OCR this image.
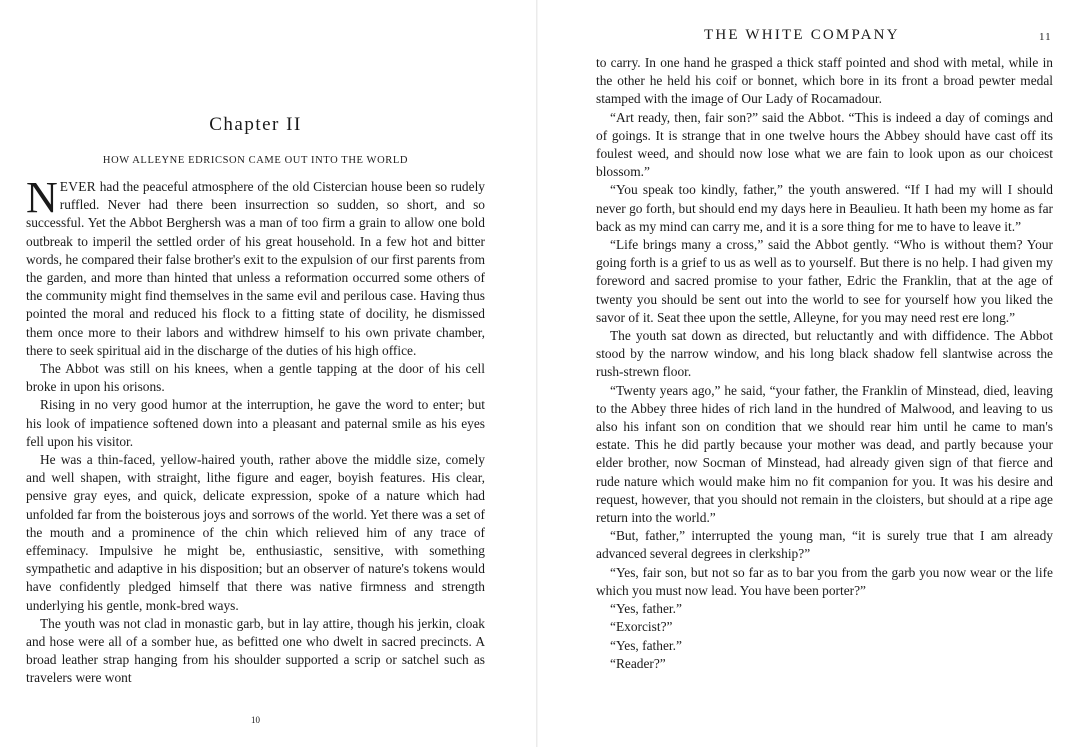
Chapter II
HOW ALLEYNE EDRICSON CAME OUT INTO THE WORLD

NEVER had the peaceful atmosphere of the old Cistercian house been so rudely ruffled. Never had there been insurrection so sudden, so short, and so successful. Yet the Abbot Berghersh was a man of too firm a grain to allow one bold outbreak to imperil the settled order of his great household. In a few hot and bitter words, he compared their false brother's exit to the expulsion of our first parents from the garden, and more than hinted that unless a reformation occurred some others of the community might find themselves in the same evil and perilous case. Having thus pointed the moral and reduced his flock to a fitting state of docility, he dismissed them once more to their labors and withdrew himself to his own private chamber, there to seek spiritual aid in the discharge of the duties of his high office.

The Abbot was still on his knees, when a gentle tapping at the door of his cell broke in upon his orisons.

Rising in no very good humor at the interruption, he gave the word to enter; but his look of impatience softened down into a pleasant and paternal smile as his eyes fell upon his visitor.

He was a thin-faced, yellow-haired youth, rather above the middle size, comely and well shapen, with straight, lithe figure and eager, boyish features. His clear, pensive gray eyes, and quick, delicate expression, spoke of a nature which had unfolded far from the boisterous joys and sorrows of the world. Yet there was a set of the mouth and a prominence of the chin which relieved him of any trace of effeminacy. Impulsive he might be, enthusiastic, sensitive, with something sympathetic and adaptive in his disposition; but an observer of nature's tokens would have confidently pledged himself that there was native firmness and strength underlying his gentle, monk-bred ways.

The youth was not clad in monastic garb, but in lay attire, though his jerkin, cloak and hose were all of a somber hue, as befitted one who dwelt in sacred precincts. A broad leather strap hanging from his shoulder supported a scrip or satchel such as travelers were wont

10
THE WHITE COMPANY	11

to carry. In one hand he grasped a thick staff pointed and shod with metal, while in the other he held his coif or bonnet, which bore in its front a broad pewter medal stamped with the image of Our Lady of Rocamadour.

“Art ready, then, fair son?” said the Abbot. “This is indeed a day of comings and of goings. It is strange that in one twelve hours the Abbey should have cast off its foulest weed, and should now lose what we are fain to look upon as our choicest blossom.”

“You speak too kindly, father,” the youth answered. “If I had my will I should never go forth, but should end my days here in Beaulieu. It hath been my home as far back as my mind can carry me, and it is a sore thing for me to have to leave it.”

“Life brings many a cross,” said the Abbot gently. “Who is without them? Your going forth is a grief to us as well as to yourself. But there is no help. I had given my foreword and sacred promise to your father, Edric the Franklin, that at the age of twenty you should be sent out into the world to see for yourself how you liked the savor of it. Seat thee upon the settle, Alleyne, for you may need rest ere long.”

The youth sat down as directed, but reluctantly and with diffidence. The Abbot stood by the narrow window, and his long black shadow fell slantwise across the rush-strewn floor.

“Twenty years ago,” he said, “your father, the Franklin of Minstead, died, leaving to the Abbey three hides of rich land in the hundred of Malwood, and leaving to us also his infant son on condition that we should rear him until he came to man's estate. This he did partly because your mother was dead, and partly because your elder brother, now Socman of Minstead, had already given sign of that fierce and rude nature which would make him no fit companion for you. It was his desire and request, however, that you should not remain in the cloisters, but should at a ripe age return into the world.”

“But, father,” interrupted the young man, “it is surely true that I am already advanced several degrees in clerkship?”

“Yes, fair son, but not so far as to bar you from the garb you now wear or the life which you must now lead. You have been porter?”

“Yes, father.”

“Exorcist?”

“Yes, father.”

“Reader?”
